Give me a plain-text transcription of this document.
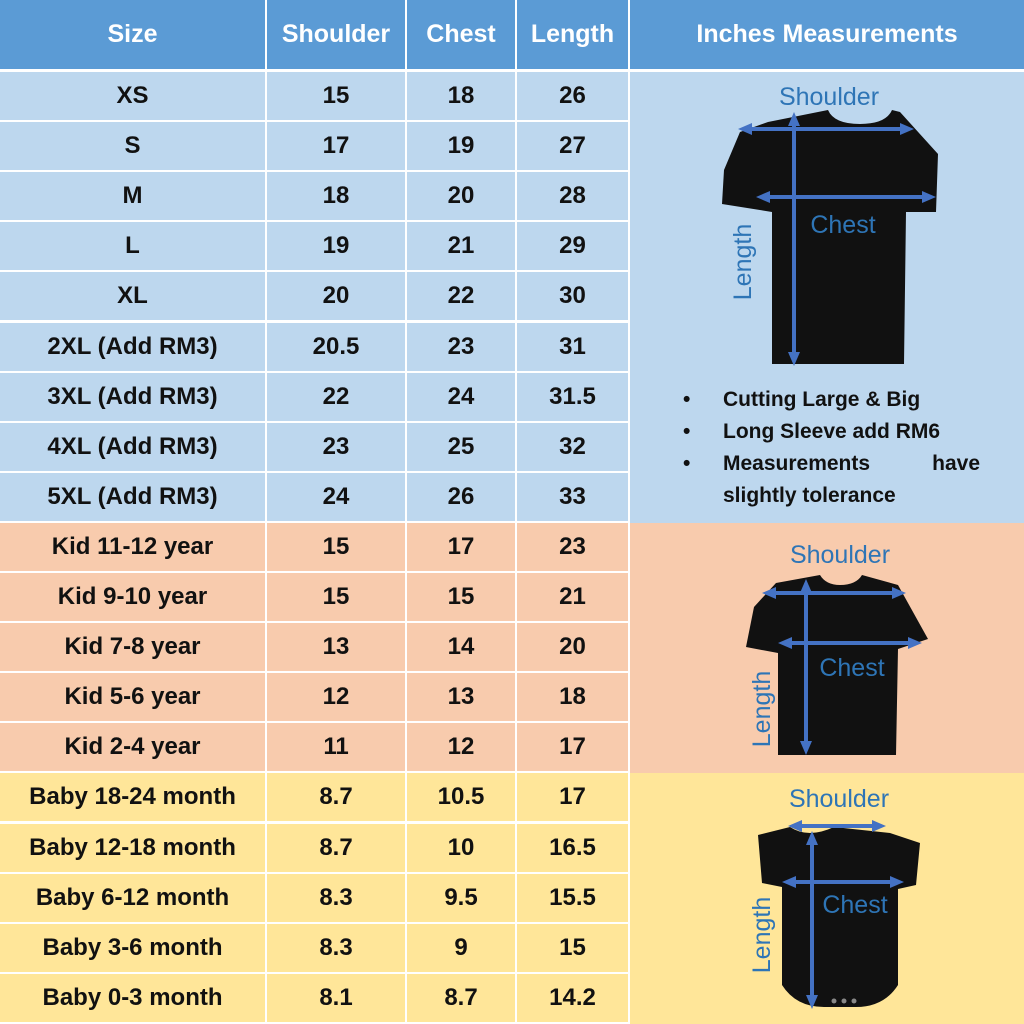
Size	Shoulder	Chest	Length	Inches Measurements
XS	15	18	26
S	17	19	27
M	18	20	28
L	19	21	29
XL	20	22	30
2XL (Add RM3)	20.5	23	31
3XL (Add RM3)	22	24	31.5
4XL (Add RM3)	23	25	32
5XL (Add RM3)	24	26	33
Kid 11-12 year	15	17	23
Kid 9-10 year	15	15	21
Kid 7-8 year	13	14	20
Kid 5-6 year	12	13	18
Kid 2-4 year	11	12	17
Baby 18-24 month	8.7	10.5	17
Baby 12-18 month	8.7	10	16.5
Baby 6-12 month	8.3	9.5	15.5
Baby 3-6 month	8.3	9	15
Baby 0-3 month	8.1	8.7	14.2
Shoulder
Chest
Length
• Cutting Large & Big
• Long Sleeve add RM6
• Measurements have slightly tolerance
Shoulder
Chest
Length
Shoulder
Chest
Length
